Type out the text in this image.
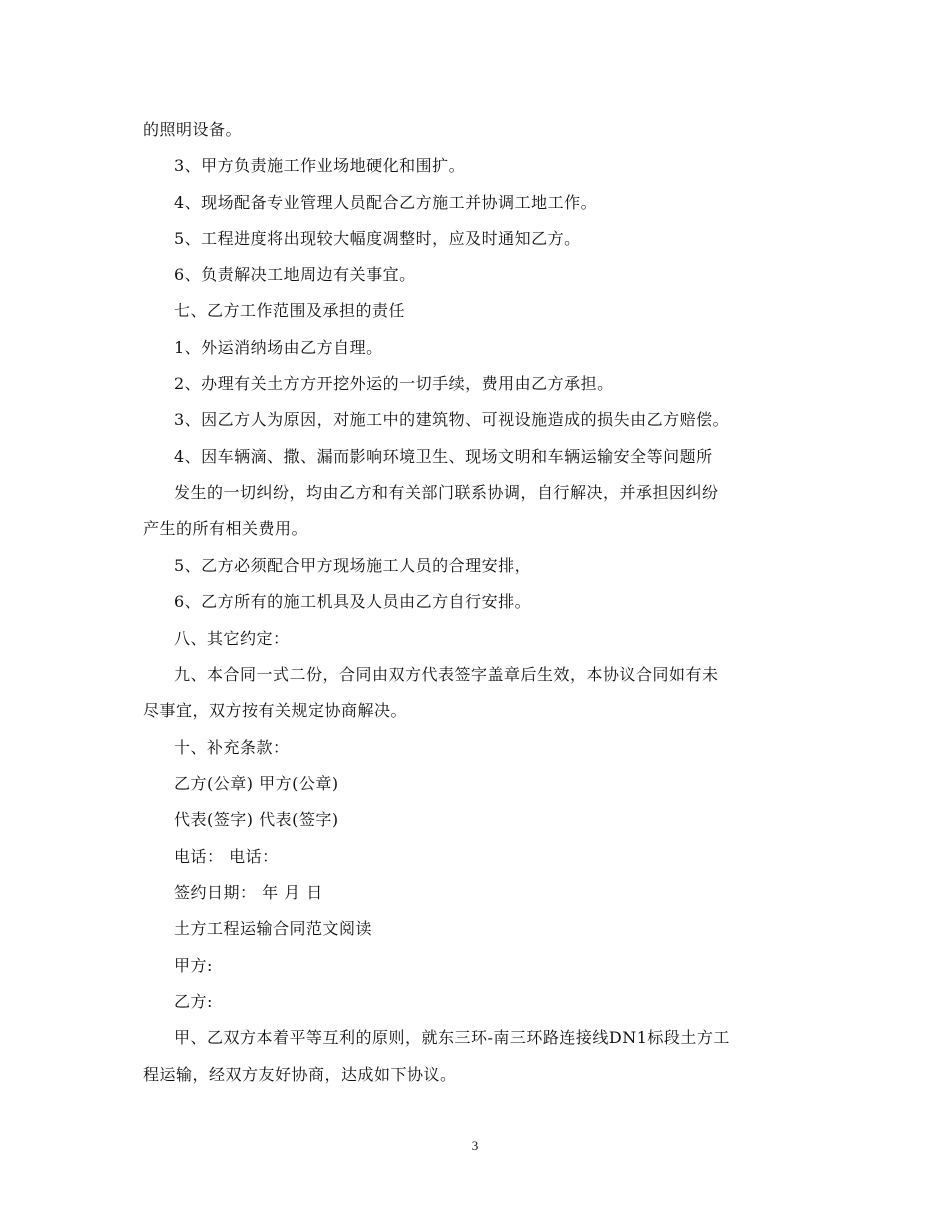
的照明设备。
3、甲方负责施工作业场地硬化和围扩。
4、现场配备专业管理人员配合乙方施工并协调工地工作。
5、工程进度将出现较大幅度凋整时，应及时通知乙方。
6、负责解决工地周边有关事宜。
七、乙方工作范围及承担的责任
1、外运消纳场由乙方自理。
2、办理有关土方方开挖外运的一切手续，费用由乙方承担。
3、因乙方人为原因，对施工中的建筑物、可视设施造成的损失由乙方赔偿。
4、因车辆滴、撒、漏而影响环境卫生、现场文明和车辆运输安全等问题所
发生的一切纠纷，均由乙方和有关部门联系协调，自行解决，并承担因纠纷
产生的所有相关费用。
5、乙方必须配合甲方现场施工人员的合理安排，
6、乙方所有的施工机具及人员由乙方自行安排。
八、其它约定：
九、本合同一式二份，合同由双方代表签字盖章后生效，本协议合同如有未
尽事宜，双方按有关规定协商解决。
十、补充条款：
乙方(公章) 甲方(公章)
代表(签字) 代表(签字)
电话： 电话：
签约日期： 年 月 日
土方工程运输合同范文阅读
甲方:
乙方:
甲、乙双方本着平等互利的原则，就东三环-南三环路连接线DN1标段土方工
程运输，经双方友好协商，达成如下协议。
3
